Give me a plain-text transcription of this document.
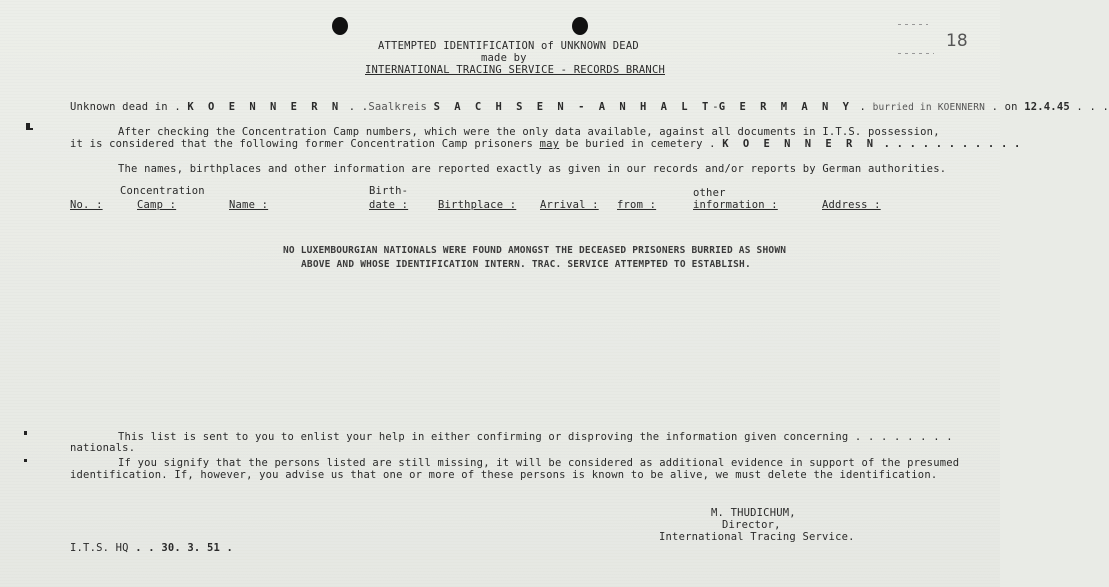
18
ATTEMPTED IDENTIFICATION of UNKNOWN DEAD
made by
INTERNATIONAL TRACING SERVICE - RECORDS BRANCH
Unknown dead in . K O E N N E R N . .Saalkreis S A C H S E N - A N H A L T-G E R M A N Y . burried in KOENNERN . on 12.4.45 . . .
After checking the Concentration Camp numbers, which were the only data available, against all documents in I.T.S. possession,
it is considered that the following former Concentration Camp prisoners may be buried in cemetery . K O E N N E R N . . . . . . . . . . .
The names, birthplaces and other information are reported exactly as given in our records and/or reports by German authorities.
Concentration	Birth-	other
No. :	Camp :	Name :	date :	Birthplace : Arrival : from :	information :	Address :
NO LUXEMBOURGIAN NATIONALS WERE FOUND AMONGST THE DECEASED PRISONERS BURRIED AS SHOWN
ABOVE AND WHOSE IDENTIFICATION INTERN. TRAC. SERVICE ATTEMPTED TO ESTABLISH.
This list is sent to you to enlist your help in either confirming or disproving the information given concerning . . . . . . . .
nationals.
If you signify that the persons listed are still missing, it will be considered as additional evidence in support of the presumed
identification. If, however, you advise us that one or more of these persons is known to be alive, we must delete the identification.
M. THUDICHUM,
Director,
International Tracing Service.
I.T.S. HQ . . 30. 3. 51 .
